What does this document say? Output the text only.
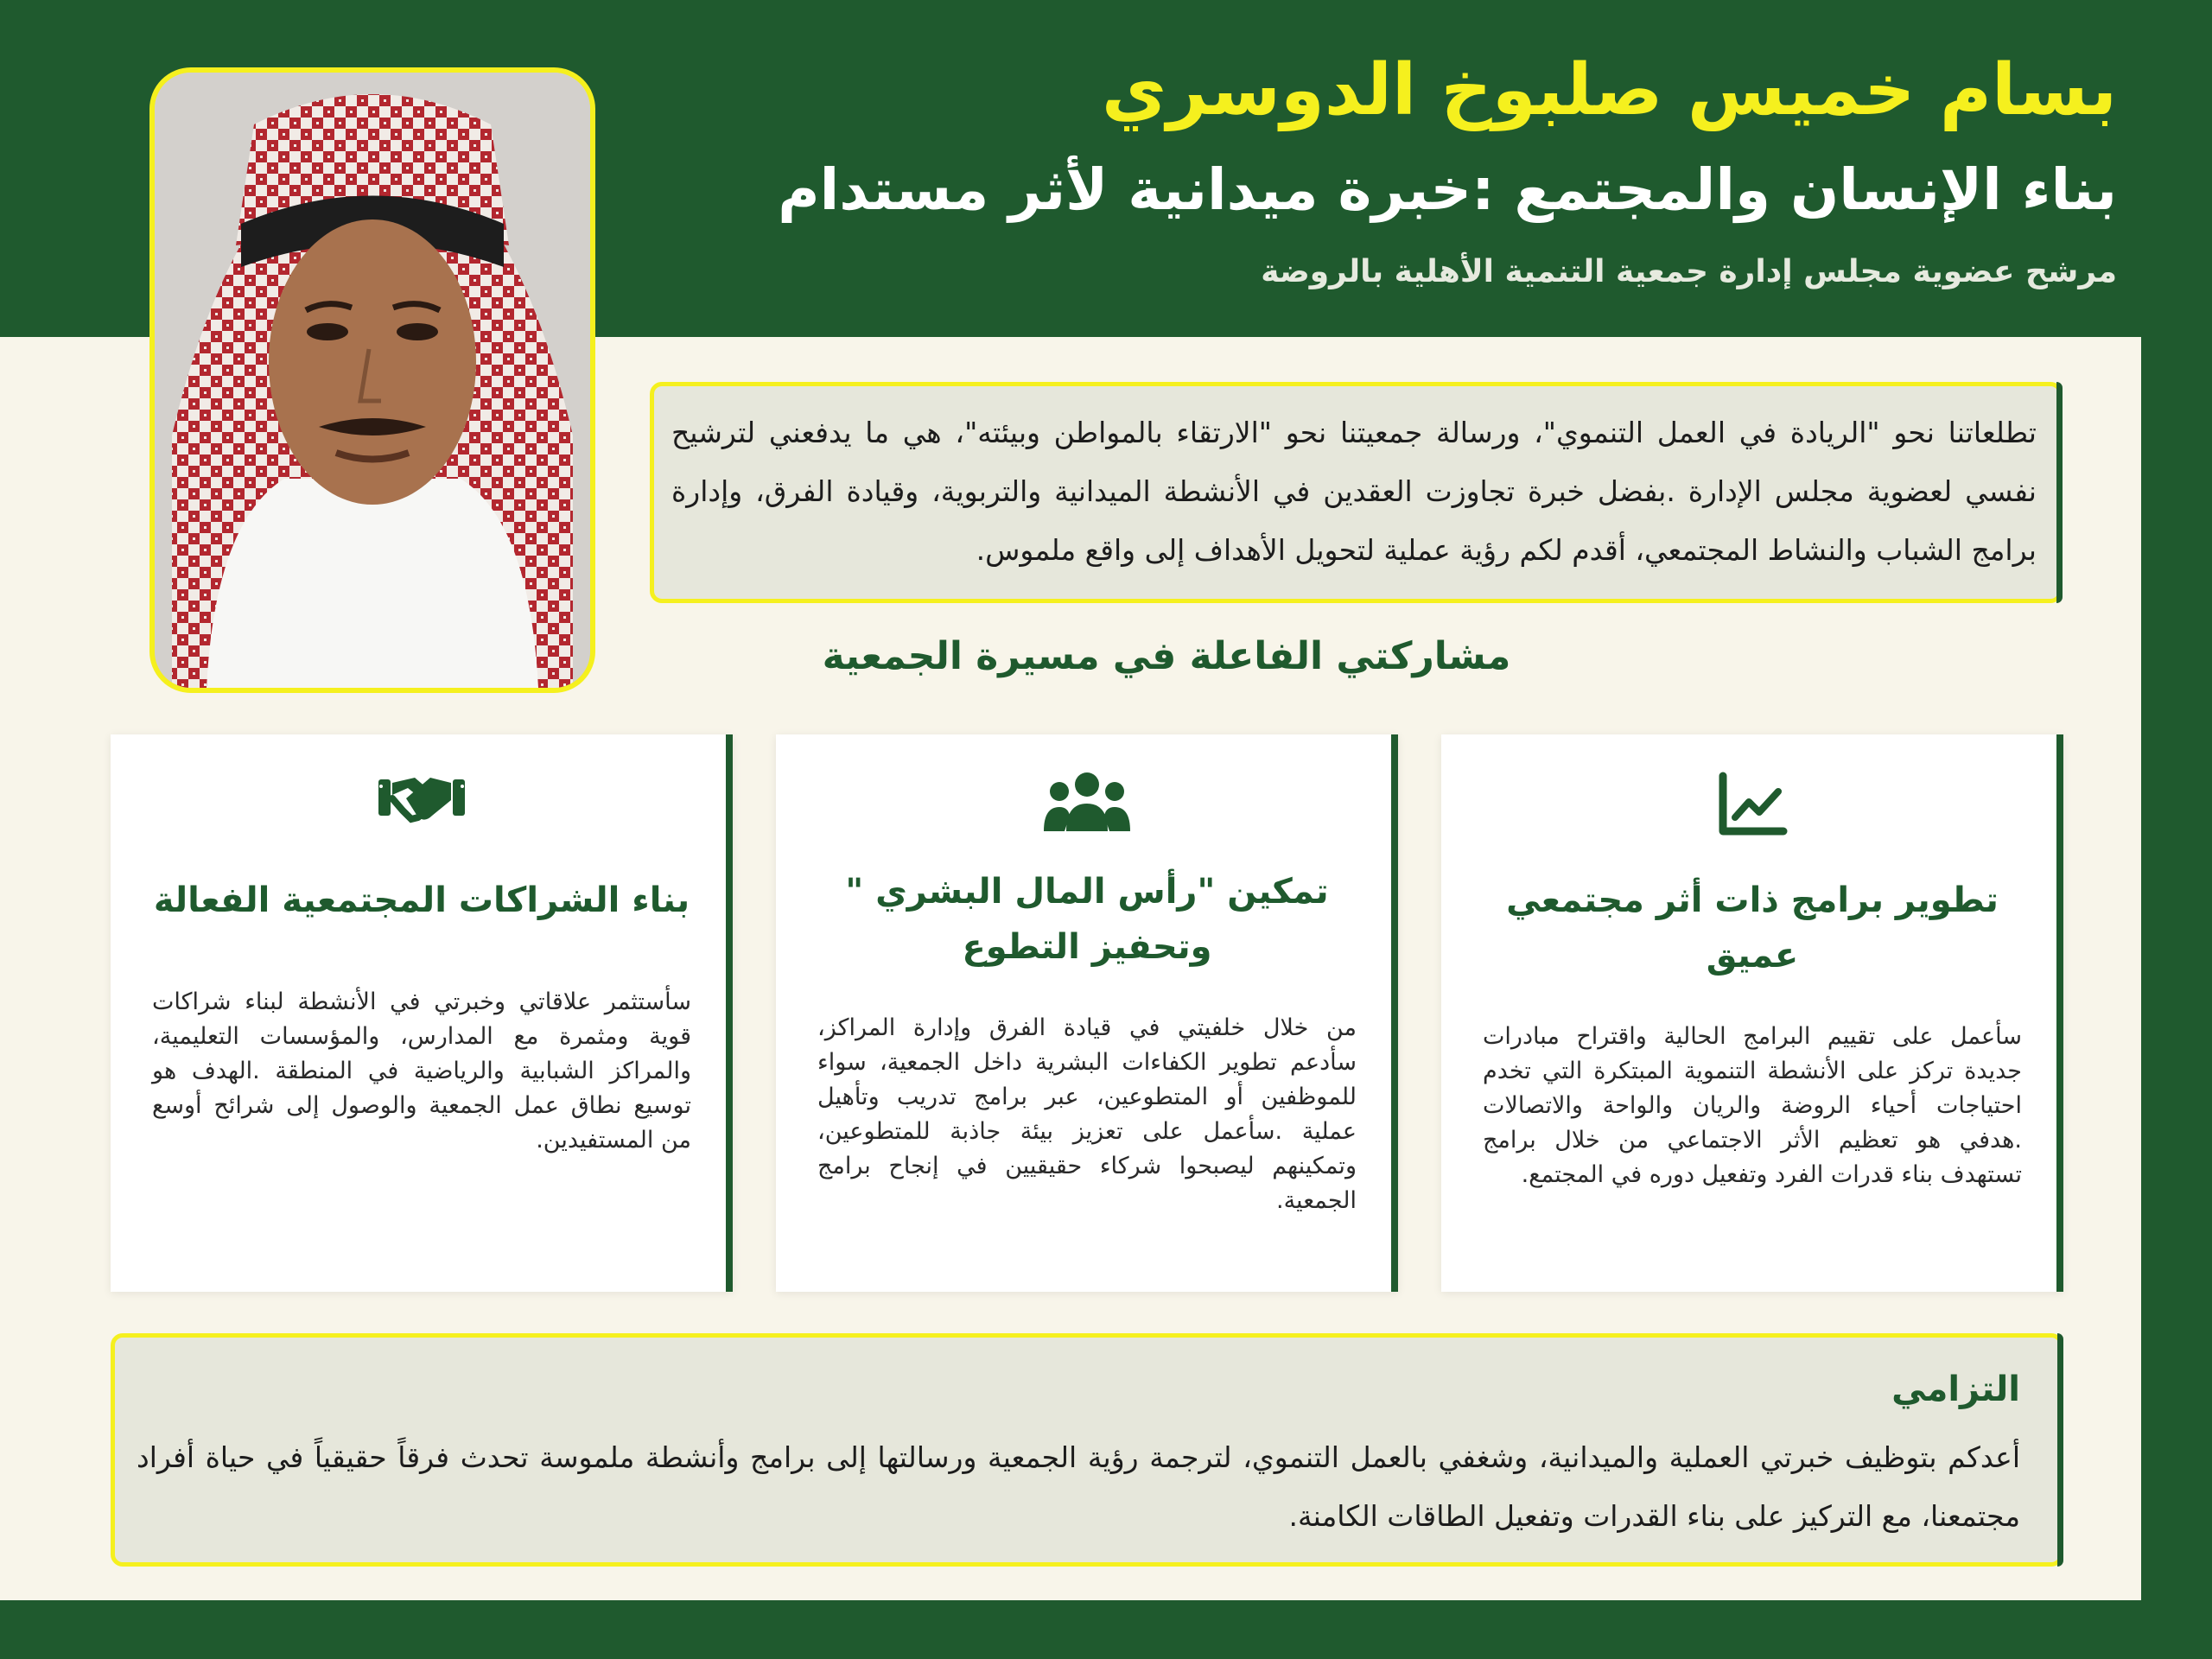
بسام خميس صلبوخ الدوسري
بناء الإنسان والمجتمع :خبرة ميدانية لأثر مستدام
مرشح عضوية مجلس إدارة جمعية التنمية الأهلية بالروضة
تطلعاتنا نحو "الريادة في العمل التنموي"، ورسالة جمعيتنا نحو "الارتقاء بالمواطن وبيئته"، هي ما يدفعني لترشيح نفسي لعضوية مجلس الإدارة .بفضل خبرة تجاوزت العقدين في الأنشطة الميدانية والتربوية، وقيادة الفرق، وإدارة برامج الشباب والنشاط المجتمعي، أقدم لكم رؤية عملية لتحويل الأهداف إلى واقع ملموس.
مشاركتي الفاعلة في مسيرة الجمعية
تطوير برامج ذات أثر مجتمعي عميق
سأعمل على تقييم البرامج الحالية واقتراح مبادرات جديدة تركز على الأنشطة التنموية المبتكرة التي تخدم احتياجات أحياء الروضة والريان والواحة والاتصالات .هدفي هو تعظيم الأثر الاجتماعي من خلال برامج تستهدف بناء قدرات الفرد وتفعيل دوره في المجتمع.
تمكين "رأس المال البشري " وتحفيز التطوع
من خلال خلفيتي في قيادة الفرق وإدارة المراكز، سأدعم تطوير الكفاءات البشرية داخل الجمعية، سواء للموظفين أو المتطوعين، عبر برامج تدريب وتأهيل عملية .سأعمل على تعزيز بيئة جاذبة للمتطوعين، وتمكينهم ليصبحوا شركاء حقيقيين في إنجاح برامج الجمعية.
بناء الشراكات المجتمعية الفعالة
سأستثمر علاقاتي وخبرتي في الأنشطة لبناء شراكات قوية ومثمرة مع المدارس، والمؤسسات التعليمية، والمراكز الشبابية والرياضية في المنطقة .الهدف هو توسيع نطاق عمل الجمعية والوصول إلى شرائح أوسع من المستفيدين.
التزامي
أعدكم بتوظيف خبرتي العملية والميدانية، وشغفي بالعمل التنموي، لترجمة رؤية الجمعية ورسالتها إلى برامج وأنشطة ملموسة تحدث فرقاً حقيقياً في حياة أفراد مجتمعنا، مع التركيز على بناء القدرات وتفعيل الطاقات الكامنة.
